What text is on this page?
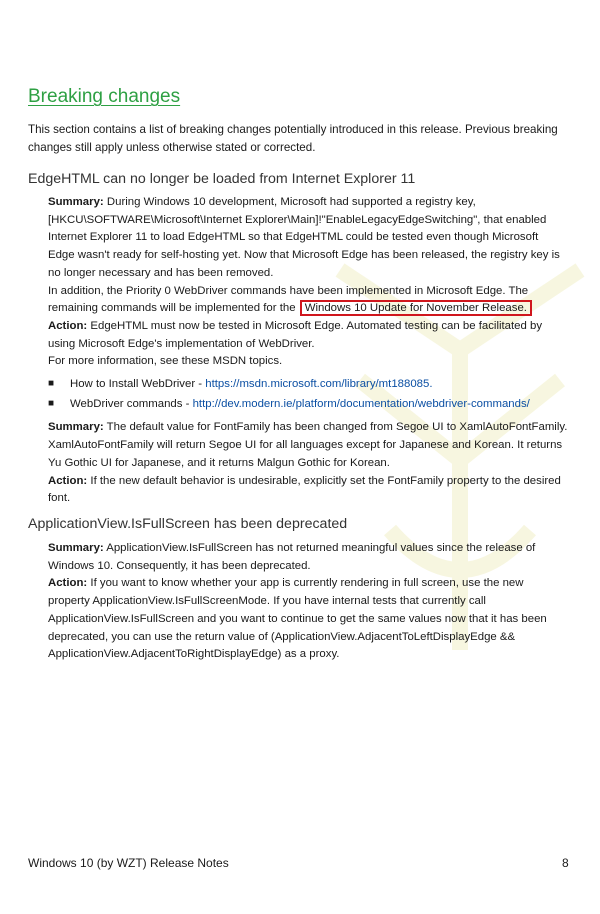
Breaking changes
This section contains a list of breaking changes potentially introduced in this release. Previous breaking changes still apply unless otherwise stated or corrected.
EdgeHTML can no longer be loaded from Internet Explorer 11

Summary: During Windows 10 development, Microsoft had supported a registry key, [HKCU\SOFTWARE\Microsoft\Internet Explorer\Main]!"EnableLegacyEdgeSwitching", that enabled Internet Explorer 11 to load EdgeHTML so that EdgeHTML could be tested even though Microsoft Edge wasn't ready for self-hosting yet. Now that Microsoft Edge has been released, the registry key is no longer necessary and has been removed.

In addition, the Priority 0 WebDriver commands have been implemented in Microsoft Edge. The remaining commands will be implemented for the Windows 10 Update for November Release.

Action: EdgeHTML must now be tested in Microsoft Edge. Automated testing can be facilitated by using Microsoft Edge's implementation of WebDriver.

For more information, see these MSDN topics.

■ How to Install WebDriver - https://msdn.microsoft.com/library/mt188085.

■ WebDriver commands - http://dev.modern.ie/platform/documentation/webdriver-commands/

Summary: The default value for FontFamily has been changed from Segoe UI to XamlAutoFontFamily. XamlAutoFontFamily will return Segoe UI for all languages except for Japanese and Korean. It returns Yu Gothic UI for Japanese, and it returns Malgun Gothic for Korean.

Action: If the new default behavior is undesirable, explicitly set the FontFamily property to the desired font.

ApplicationView.IsFullScreen has been deprecated

Summary: ApplicationView.IsFullScreen has not returned meaningful values since the release of Windows 10. Consequently, it has been deprecated.

Action: If you want to know whether your app is currently rendering in full screen, use the new property ApplicationView.IsFullScreenMode. If you have internal tests that currently call ApplicationView.IsFullScreen and you want to continue to get the same values now that it has been deprecated, you can use the return value of (ApplicationView.AdjacentToLeftDisplayEdge && ApplicationView.AdjacentToRightDisplayEdge) as a proxy.

Windows 10 (by WZT) Release Notes	8
